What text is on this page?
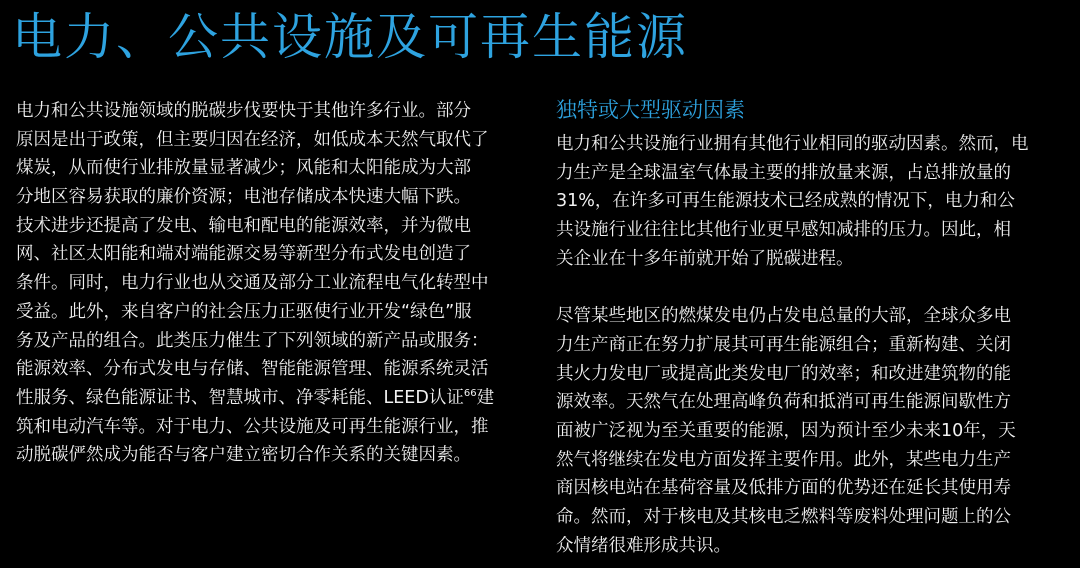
电力、公共设施及可再生能源
电力和公共设施领域的脱碳步伐要快于其他许多行业。部分
原因是出于政策，但主要归因在经济，如低成本天然气取代了
煤炭，从而使行业排放量显著减少；风能和太阳能成为大部
分地区容易获取的廉价资源；电池存储成本快速大幅下跌。
技术进步还提高了发电、输电和配电的能源效率，并为微电
网、社区太阳能和端对端能源交易等新型分布式发电创造了
条件。同时，电力行业也从交通及部分工业流程电气化转型中
受益。此外，来自客户的社会压力正驱使行业开发“绿色”服
务及产品的组合。此类压力催生了下列领域的新产品或服务：
能源效率、分布式发电与存储、智能能源管理、能源系统灵活
性服务、绿色能源证书、智慧城市、净零耗能、LEED认证$^{66}$建
筑和电动汽车等。对于电力、公共设施及可再生能源行业，推
动脱碳俨然成为能否与客户建立密切合作关系的关键因素。
独特或大型驱动因素
电力和公共设施行业拥有其他行业相同的驱动因素。然而，电
力生产是全球温室气体最主要的排放量来源，占总排放量的
31%，在许多可再生能源技术已经成熟的情况下，电力和公
共设施行业往往比其他行业更早感知减排的压力。因此，相
关企业在十多年前就开始了脱碳进程。
尽管某些地区的燃煤发电仍占发电总量的大部，全球众多电
力生产商正在努力扩展其可再生能源组合；重新构建、关闭
其火力发电厂或提高此类发电厂的效率；和改进建筑物的能
源效率。天然气在处理高峰负荷和抵消可再生能源间歇性方
面被广泛视为至关重要的能源，因为预计至少未来10年，天
然气将继续在发电方面发挥主要作用。此外，某些电力生产
商因核电站在基荷容量及低排方面的优势还在延长其使用寿
命。然而，对于核电及其核电乏燃料等废料处理问题上的公
众情绪很难形成共识。
